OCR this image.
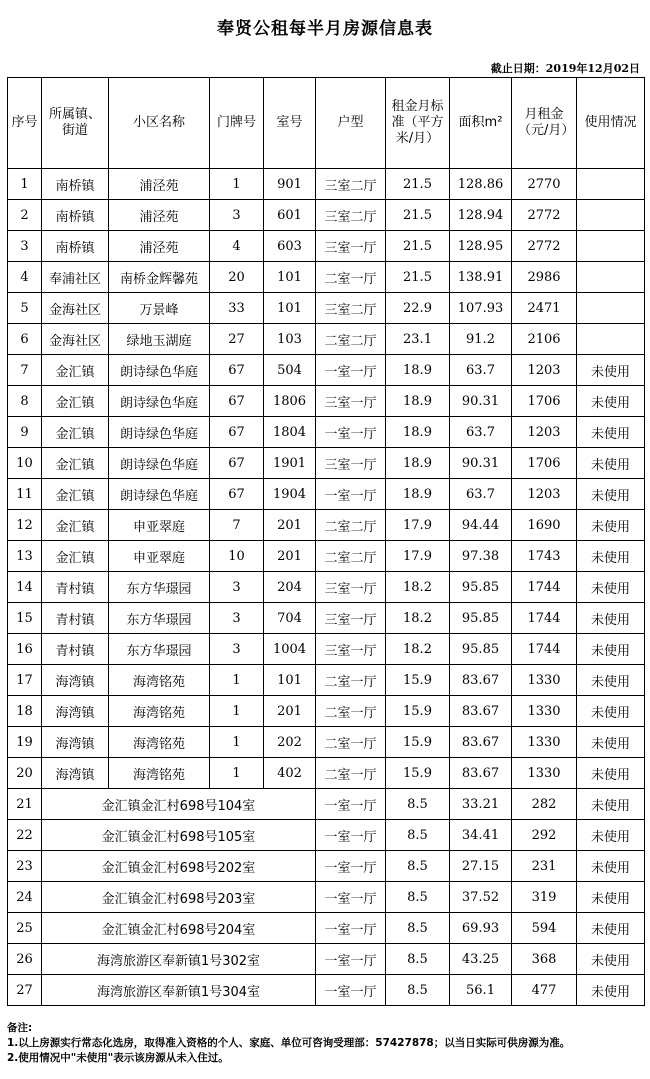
奉贤公租每半月房源信息表
截止日期：2019年12月02日
序号	所属镇、街道	小区名称	门牌号	室号	户型	租金月标准（平方米/月）	面积m²	月租金（元/月）	使用情况
1	南桥镇	浦泾苑	1	901	三室二厅	21.5	128.86	2770	
2	南桥镇	浦泾苑	3	601	三室二厅	21.5	128.94	2772	
3	南桥镇	浦泾苑	4	603	三室一厅	21.5	128.95	2772	
4	奉浦社区	南桥金辉馨苑	20	101	二室一厅	21.5	138.91	2986	
5	金海社区	万景峰	33	101	三室二厅	22.9	107.93	2471	
6	金海社区	绿地玉湖庭	27	103	二室二厅	23.1	91.2	2106	
7	金汇镇	朗诗绿色华庭	67	504	一室一厅	18.9	63.7	1203	未使用
8	金汇镇	朗诗绿色华庭	67	1806	三室一厅	18.9	90.31	1706	未使用
9	金汇镇	朗诗绿色华庭	67	1804	一室一厅	18.9	63.7	1203	未使用
10	金汇镇	朗诗绿色华庭	67	1901	三室一厅	18.9	90.31	1706	未使用
11	金汇镇	朗诗绿色华庭	67	1904	一室一厅	18.9	63.7	1203	未使用
12	金汇镇	申亚翠庭	7	201	二室二厅	17.9	94.44	1690	未使用
13	金汇镇	申亚翠庭	10	201	二室二厅	17.9	97.38	1743	未使用
14	青村镇	东方华璟园	3	204	三室一厅	18.2	95.85	1744	未使用
15	青村镇	东方华璟园	3	704	三室一厅	18.2	95.85	1744	未使用
16	青村镇	东方华璟园	3	1004	三室一厅	18.2	95.85	1744	未使用
17	海湾镇	海湾铭苑	1	101	二室一厅	15.9	83.67	1330	未使用
18	海湾镇	海湾铭苑	1	201	二室一厅	15.9	83.67	1330	未使用
19	海湾镇	海湾铭苑	1	202	二室一厅	15.9	83.67	1330	未使用
20	海湾镇	海湾铭苑	1	402	二室一厅	15.9	83.67	1330	未使用
21	金汇镇金汇村698号104室				一室一厅	8.5	33.21	282	未使用
22	金汇镇金汇村698号105室				一室一厅	8.5	34.41	292	未使用
23	金汇镇金汇村698号202室				一室一厅	8.5	27.15	231	未使用
24	金汇镇金汇村698号203室				一室一厅	8.5	37.52	319	未使用
25	金汇镇金汇村698号204室				一室一厅	8.5	69.93	594	未使用
26	海湾旅游区奉新镇1号302室				一室一厅	8.5	43.25	368	未使用
27	海湾旅游区奉新镇1号304室				一室一厅	8.5	56.1	477	未使用
备注:
1.以上房源实行常态化选房，取得准入资格的个人、家庭、单位可咨询受理部：57427878；以当日实际可供房源为准。
2.使用情况中"未使用"表示该房源从未入住过。
